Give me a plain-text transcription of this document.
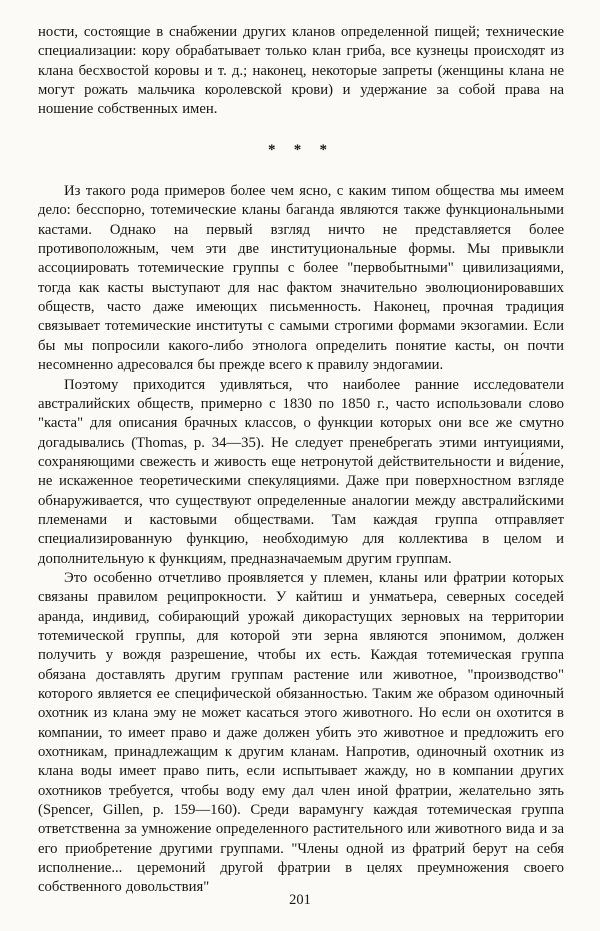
ности, состоящие в снабжении других кланов определенной пищей; технические специализации: кору обрабатывает только клан гриба, все кузнецы происходят из клана бесхвостой коровы и т. д.; наконец, некоторые запреты (женщины клана не могут рожать мальчика королевской крови) и удержание за собой права на ношение собственных имен.

* * *

Из такого рода примеров более чем ясно, с каким типом общества мы имеем дело: бесспорно, тотемические кланы баганда являются также функциональными кастами. Однако на первый взгляд ничто не представляется более противоположным, чем эти две институциональные формы. Мы привыкли ассоциировать тотемические группы с более "первобытными" цивилизациями, тогда как касты выступают для нас фактом значительно эволюционировавших обществ, часто даже имеющих письменность. Наконец, прочная традиция связывает тотемические институты с самыми строгими формами экзогамии. Если бы мы попросили какого-либо этнолога определить понятие касты, он почти несомненно адресовался бы прежде всего к правилу эндогамии.

Поэтому приходится удивляться, что наиболее ранние исследователи австралийских обществ, примерно с 1830 по 1850 г., часто использовали слово "каста" для описания брачных классов, о функции которых они все же смутно догадывались (Thomas, p. 34—35). Не следует пренебрегать этими интуициями, сохраняющими свежесть и живость еще нетронутой действительности и ви́дение, не искаженное теоретическими спекуляциями. Даже при поверхностном взгляде обнаруживается, что существуют определенные аналогии между австралийскими племенами и кастовыми обществами. Там каждая группа отправляет специализированную функцию, необходимую для коллектива в целом и дополнительную к функциям, предназначаемым другим группам.

Это особенно отчетливо проявляется у племен, кланы или фратрии которых связаны правилом реципрокности. У кайтиш и унматьера, северных соседей аранда, индивид, собирающий урожай дикорастущих зерновых на территории тотемической группы, для которой эти зерна являются эпонимом, должен получить у вождя разрешение, чтобы их есть. Каждая тотемическая группа обязана доставлять другим группам растение или животное, "производство" которого является ее специфической обязанностью. Таким же образом одиночный охотник из клана эму не может касаться этого животного. Но если он охотится в компании, то имеет право и даже должен убить это животное и предложить его охотникам, принадлежащим к другим кланам. Напротив, одиночный охотник из клана воды имеет право пить, если испытывает жажду, но в компании других охотников требуется, чтобы воду ему дал член иной фратрии, желательно зять (Spencer, Gillen, p. 159—160). Среди варамунгу каждая тотемическая группа ответственна за умножение определенного растительного или животного вида и за его приобретение другими группами. "Члены одной из фратрий берут на себя исполнение... церемоний другой фратрии в целях преумножения своего собственного довольствия"

201
